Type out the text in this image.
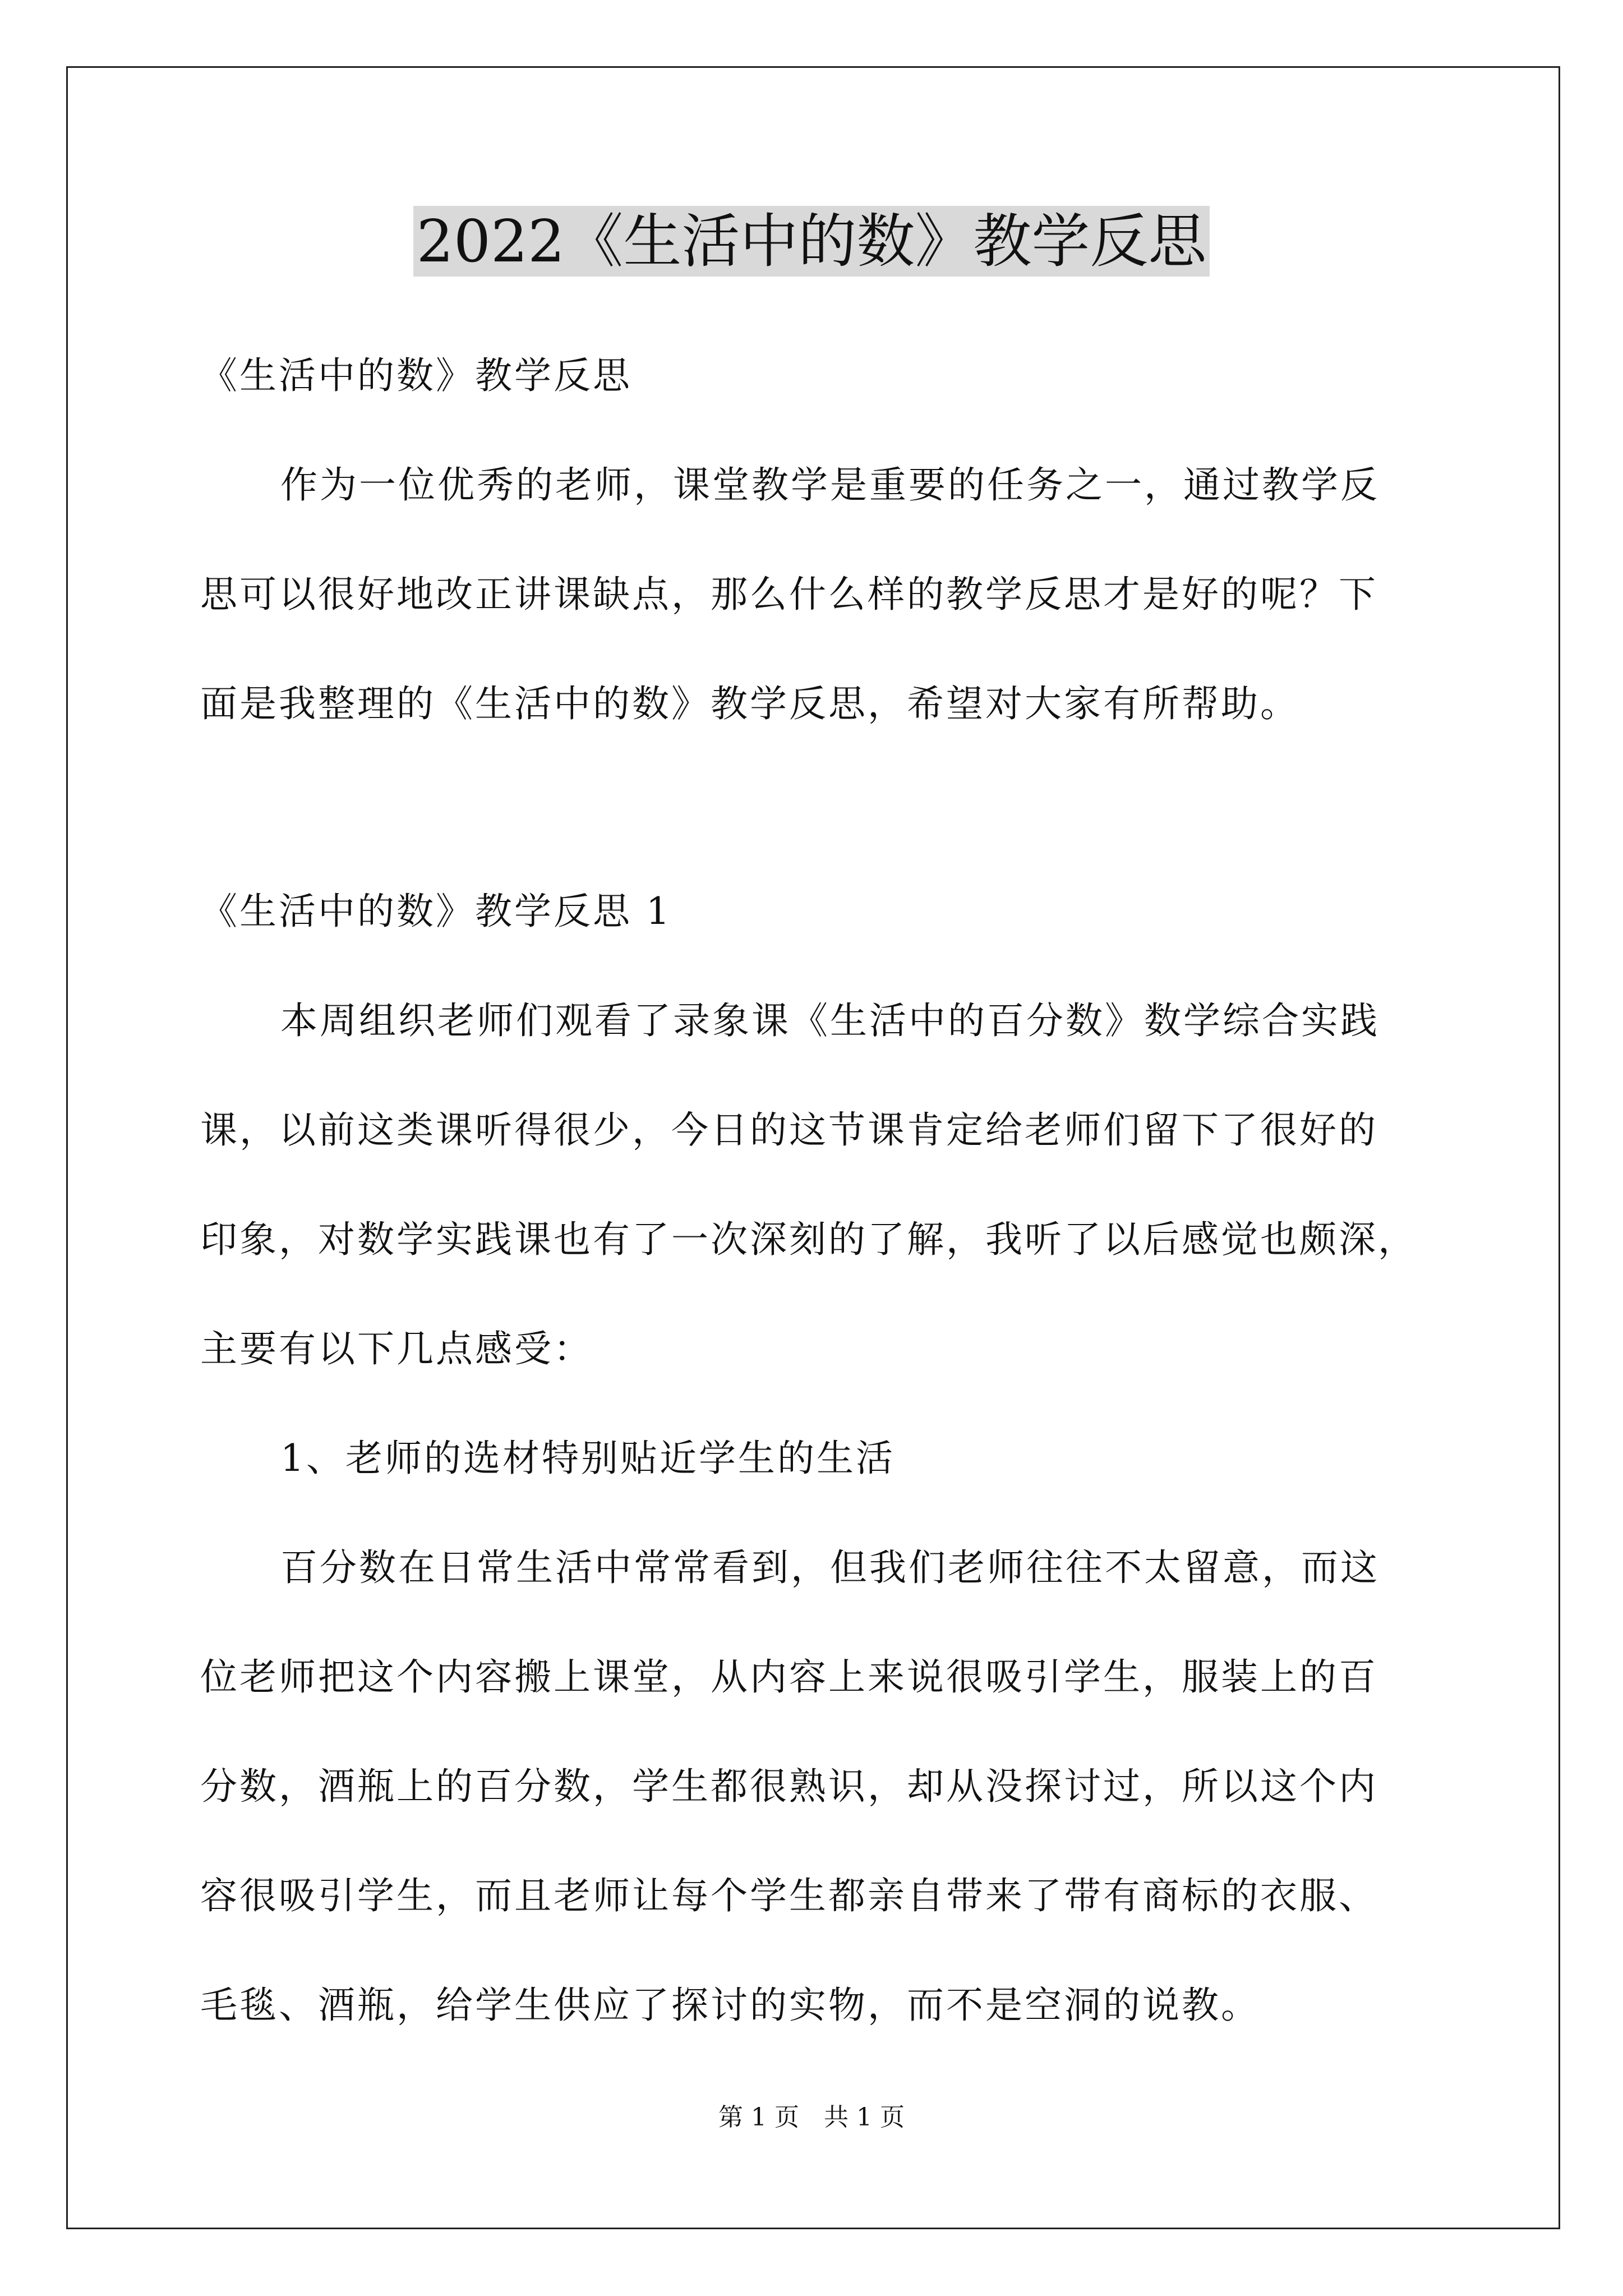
2022《生活中的数》教学反思
《生活中的数》教学反思
作为一位优秀的老师，课堂教学是重要的任务之一，通过教学反
思可以很好地改正讲课缺点，那么什么样的教学反思才是好的呢？下
面是我整理的《生活中的数》教学反思，希望对大家有所帮助。
《生活中的数》教学反思 1
本周组织老师们观看了录象课《生活中的百分数》数学综合实践
课，以前这类课听得很少，今日的这节课肯定给老师们留下了很好的
印象，对数学实践课也有了一次深刻的了解，我听了以后感觉也颇深，
主要有以下几点感受：
1、老师的选材特别贴近学生的生活
百分数在日常生活中常常看到，但我们老师往往不太留意，而这
位老师把这个内容搬上课堂，从内容上来说很吸引学生，服装上的百
分数，酒瓶上的百分数，学生都很熟识，却从没探讨过，所以这个内
容很吸引学生，而且老师让每个学生都亲自带来了带有商标的衣服、
毛毯、酒瓶，给学生供应了探讨的实物，而不是空洞的说教。
第 1 页　共 1 页
